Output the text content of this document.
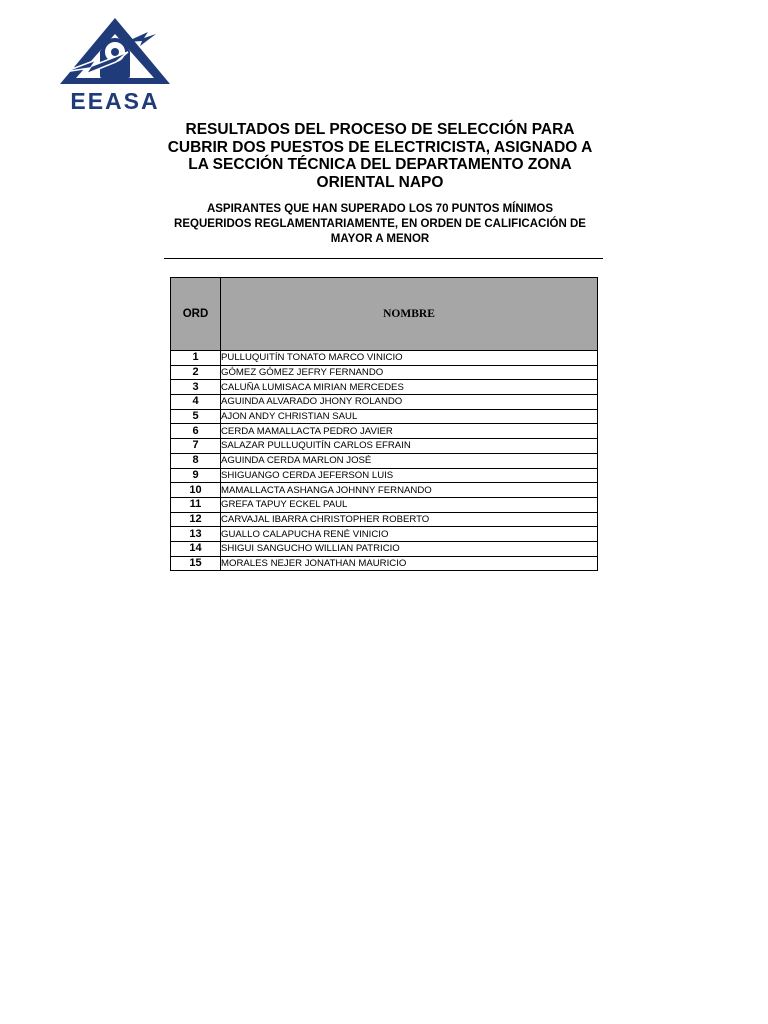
EEASA
RESULTADOS DEL PROCESO DE SELECCIÓN PARA CUBRIR DOS PUESTOS DE ELECTRICISTA, ASIGNADO A LA SECCIÓN TÉCNICA DEL DEPARTAMENTO ZONA ORIENTAL NAPO
ASPIRANTES QUE HAN SUPERADO LOS 70 PUNTOS MÍNIMOS REQUERIDOS REGLAMENTARIAMENTE, EN ORDEN DE CALIFICACIÓN DE MAYOR A MENOR
ORD	NOMBRE
1	PULLUQUITÍN TONATO MARCO VINICIO
2	GÓMEZ GÓMEZ JEFRY FERNANDO
3	CALUÑA LUMISACA MIRIAN MERCEDES
4	AGUINDA ALVARADO JHONY ROLANDO
5	AJON ANDY CHRISTIAN SAUL
6	CERDA MAMALLACTA PEDRO JAVIER
7	SALAZAR PULLUQUITÍN CARLOS EFRAIN
8	AGUINDA CERDA MARLON JOSÉ
9	SHIGUANGO CERDA JEFERSON LUIS
10	MAMALLACTA ASHANGA JOHNNY FERNANDO
11	GREFA TAPUY ECKEL PAUL
12	CARVAJAL IBARRA CHRISTOPHER ROBERTO
13	GUALLO CALAPUCHA RENÉ VINICIO
14	SHIGUI SANGUCHO WILLIAN PATRICIO
15	MORALES NEJER JONATHAN MAURICIO
